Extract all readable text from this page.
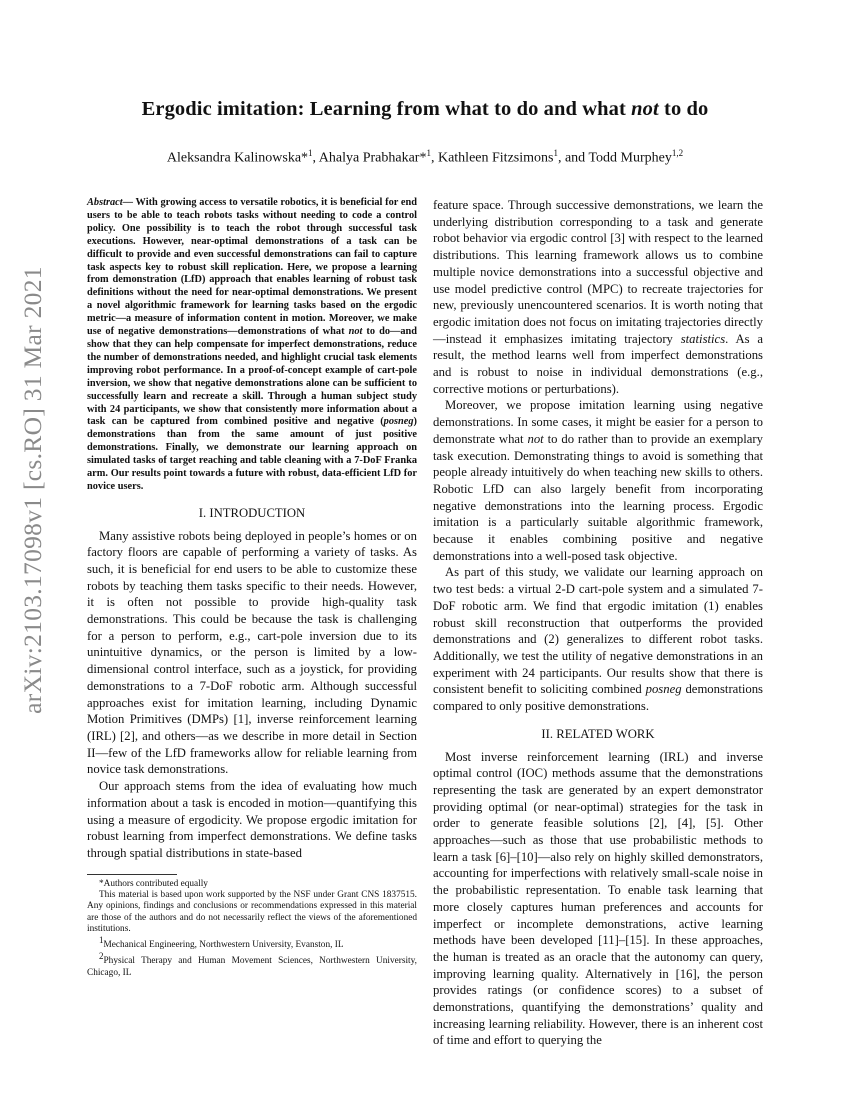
arXiv:2103.17098v1 [cs.RO] 31 Mar 2021
Ergodic imitation: Learning from what to do and what not to do
Aleksandra Kalinowska*$^1$, Ahalya Prabhakar*$^1$, Kathleen Fitzsimons$^1$, and Todd Murphey$^{1,2}$

Abstract— With growing access to versatile robotics, it is beneficial for end users to be able to teach robots tasks without needing to code a control policy. One possibility is to teach the robot through successful task executions. However, near-optimal demonstrations of a task can be difficult to provide and even successful demonstrations can fail to capture task aspects key to robust skill replication. Here, we propose a learning from demonstration (LfD) approach that enables learning of robust task definitions without the need for near-optimal demonstrations. We present a novel algorithmic framework for learning tasks based on the ergodic metric—a measure of information content in motion. Moreover, we make use of negative demonstrations—demonstrations of what not to do—and show that they can help compensate for imperfect demonstrations, reduce the number of demonstrations needed, and highlight crucial task elements improving robot performance. In a proof-of-concept example of cart-pole inversion, we show that negative demonstrations alone can be sufficient to successfully learn and recreate a skill. Through a human subject study with 24 participants, we show that consistently more information about a task can be captured from combined positive and negative (posneg) demonstrations than from the same amount of just positive demonstrations. Finally, we demonstrate our learning approach on simulated tasks of target reaching and table cleaning with a 7-DoF Franka arm. Our results point towards a future with robust, data-efficient LfD for novice users.

I. INTRODUCTION

Many assistive robots being deployed in people’s homes or on factory floors are capable of performing a variety of tasks. As such, it is beneficial for end users to be able to customize these robots by teaching them tasks specific to their needs. However, it is often not possible to provide high-quality task demonstrations. This could be because the task is challenging for a person to perform, e.g., cart-pole inversion due to its unintuitive dynamics, or the person is limited by a low-dimensional control interface, such as a joystick, for providing demonstrations to a 7-DoF robotic arm. Although successful approaches exist for imitation learning, including Dynamic Motion Primitives (DMPs) [1], inverse reinforcement learning (IRL) [2], and others—as we describe in more detail in Section II—few of the LfD frameworks allow for reliable learning from novice task demonstrations.

Our approach stems from the idea of evaluating how much information about a task is encoded in motion—quantifying this using a measure of ergodicity. We propose ergodic imitation for robust learning from imperfect demonstrations. We define tasks through spatial distributions in state-based

*Authors contributed equally

This material is based upon work supported by the NSF under Grant CNS 1837515. Any opinions, findings and conclusions or recommendations expressed in this material are those of the authors and do not necessarily reflect the views of the aforementioned institutions.

$^1$Mechanical Engineering, Northwestern University, Evanston, IL

$^2$Physical Therapy and Human Movement Sciences, Northwestern University, Chicago, IL

feature space. Through successive demonstrations, we learn the underlying distribution corresponding to a task and generate robot behavior via ergodic control [3] with respect to the learned distributions. This learning framework allows us to combine multiple novice demonstrations into a successful objective and use model predictive control (MPC) to recreate trajectories for new, previously unencountered scenarios. It is worth noting that ergodic imitation does not focus on imitating trajectories directly—instead it emphasizes imitating trajectory statistics. As a result, the method learns well from imperfect demonstrations and is robust to noise in individual demonstrations (e.g., corrective motions or perturbations).

Moreover, we propose imitation learning using negative demonstrations. In some cases, it might be easier for a person to demonstrate what not to do rather than to provide an exemplary task execution. Demonstrating things to avoid is something that people already intuitively do when teaching new skills to others. Robotic LfD can also largely benefit from incorporating negative demonstrations into the learning process. Ergodic imitation is a particularly suitable algorithmic framework, because it enables combining positive and negative demonstrations into a well-posed task objective.

As part of this study, we validate our learning approach on two test beds: a virtual 2-D cart-pole system and a simulated 7-DoF robotic arm. We find that ergodic imitation (1) enables robust skill reconstruction that outperforms the provided demonstrations and (2) generalizes to different robot tasks. Additionally, we test the utility of negative demonstrations in an experiment with 24 participants. Our results show that there is consistent benefit to soliciting combined posneg demonstrations compared to only positive demonstrations.

II. RELATED WORK

Most inverse reinforcement learning (IRL) and inverse optimal control (IOC) methods assume that the demonstrations representing the task are generated by an expert demonstrator providing optimal (or near-optimal) strategies for the task in order to generate feasible solutions [2], [4], [5]. Other approaches—such as those that use probabilistic methods to learn a task [6]–[10]—also rely on highly skilled demonstrators, accounting for imperfections with relatively small-scale noise in the probabilistic representation. To enable task learning that more closely captures human preferences and accounts for imperfect or incomplete demonstrations, active learning methods have been developed [11]–[15]. In these approaches, the human is treated as an oracle that the autonomy can query, improving learning quality. Alternatively in [16], the person provides ratings (or confidence scores) to a subset of demonstrations, quantifying the demonstrations’ quality and increasing learning reliability. However, there is an inherent cost of time and effort to querying the
